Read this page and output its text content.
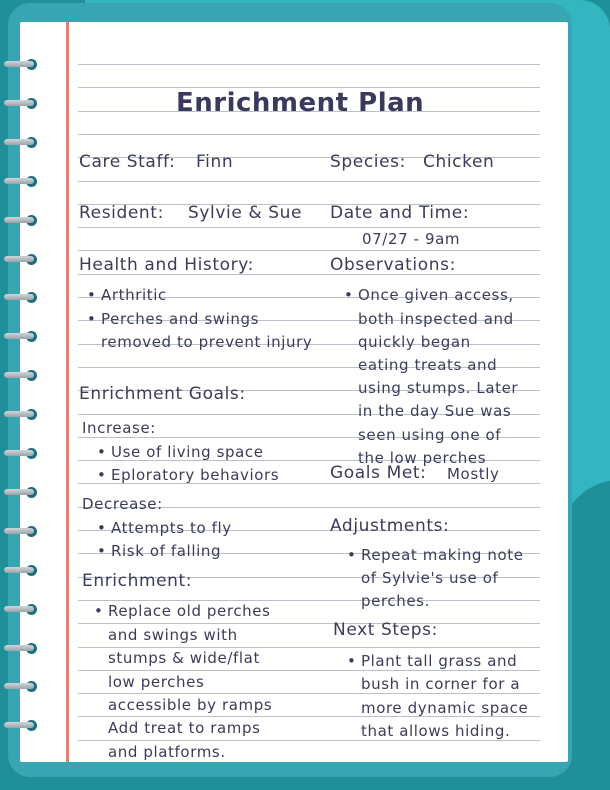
Enrichment Plan
Care Staff: Finn
Resident: Sylvie & Sue
Health and History:
• Arthritic
• Perches and swings
removed to prevent injury
Enrichment Goals:
Increase:
• Use of living space
• Eploratory behaviors
Decrease:
• Attempts to fly
• Risk of falling
Enrichment:
• Replace old perches
and swings with
stumps & wide/flat
low perches
accessible by ramps
Add treat to ramps
and platforms.
Species: Chicken
Date and Time:
07/27 - 9am
Observations:
• Once given access,
both inspected and
quickly began
eating treats and
using stumps. Later
in the day Sue was
seen using one of
the low perches
Goals Met: Mostly
Adjustments:
• Repeat making note
of Sylvie's use of
perches.
Next Steps:
• Plant tall grass and
bush in corner for a
more dynamic space
that allows hiding.
